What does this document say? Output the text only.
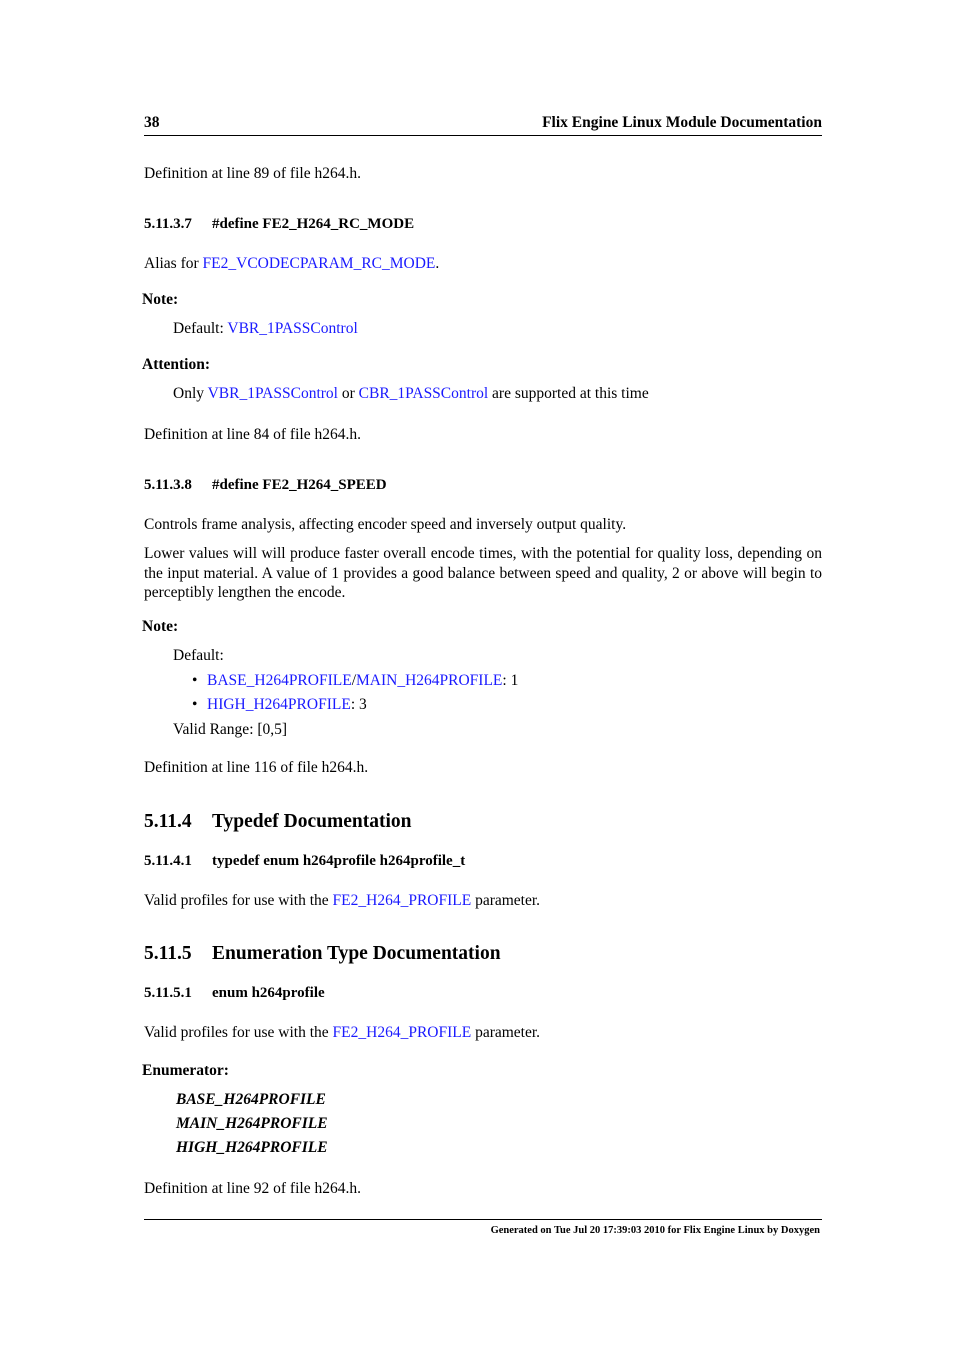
38	Flix Engine Linux Module Documentation
Definition at line 89 of file h264.h.
5.11.3.7 #define FE2_H264_RC_MODE
Alias for FE2_VCODECPARAM_RC_MODE.
Note:
Default: VBR_1PASSControl
Attention:
Only VBR_1PASSControl or CBR_1PASSControl are supported at this time
Definition at line 84 of file h264.h.
5.11.3.8 #define FE2_H264_SPEED
Controls frame analysis, affecting encoder speed and inversely output quality.
Lower values will will produce faster overall encode times, with the potential for quality loss, depending on the input material. A value of 1 provides a good balance between speed and quality, 2 or above will begin to perceptibly lengthen the encode.
Note:
Default:
• BASE_H264PROFILE/MAIN_H264PROFILE: 1
• HIGH_H264PROFILE: 3
Valid Range: [0,5]
Definition at line 116 of file h264.h.
5.11.4 Typedef Documentation
5.11.4.1 typedef enum h264profile h264profile_t
Valid profiles for use with the FE2_H264_PROFILE parameter.
5.11.5 Enumeration Type Documentation
5.11.5.1 enum h264profile
Valid profiles for use with the FE2_H264_PROFILE parameter.
Enumerator:
BASE_H264PROFILE
MAIN_H264PROFILE
HIGH_H264PROFILE
Definition at line 92 of file h264.h.
Generated on Tue Jul 20 17:39:03 2010 for Flix Engine Linux by Doxygen
